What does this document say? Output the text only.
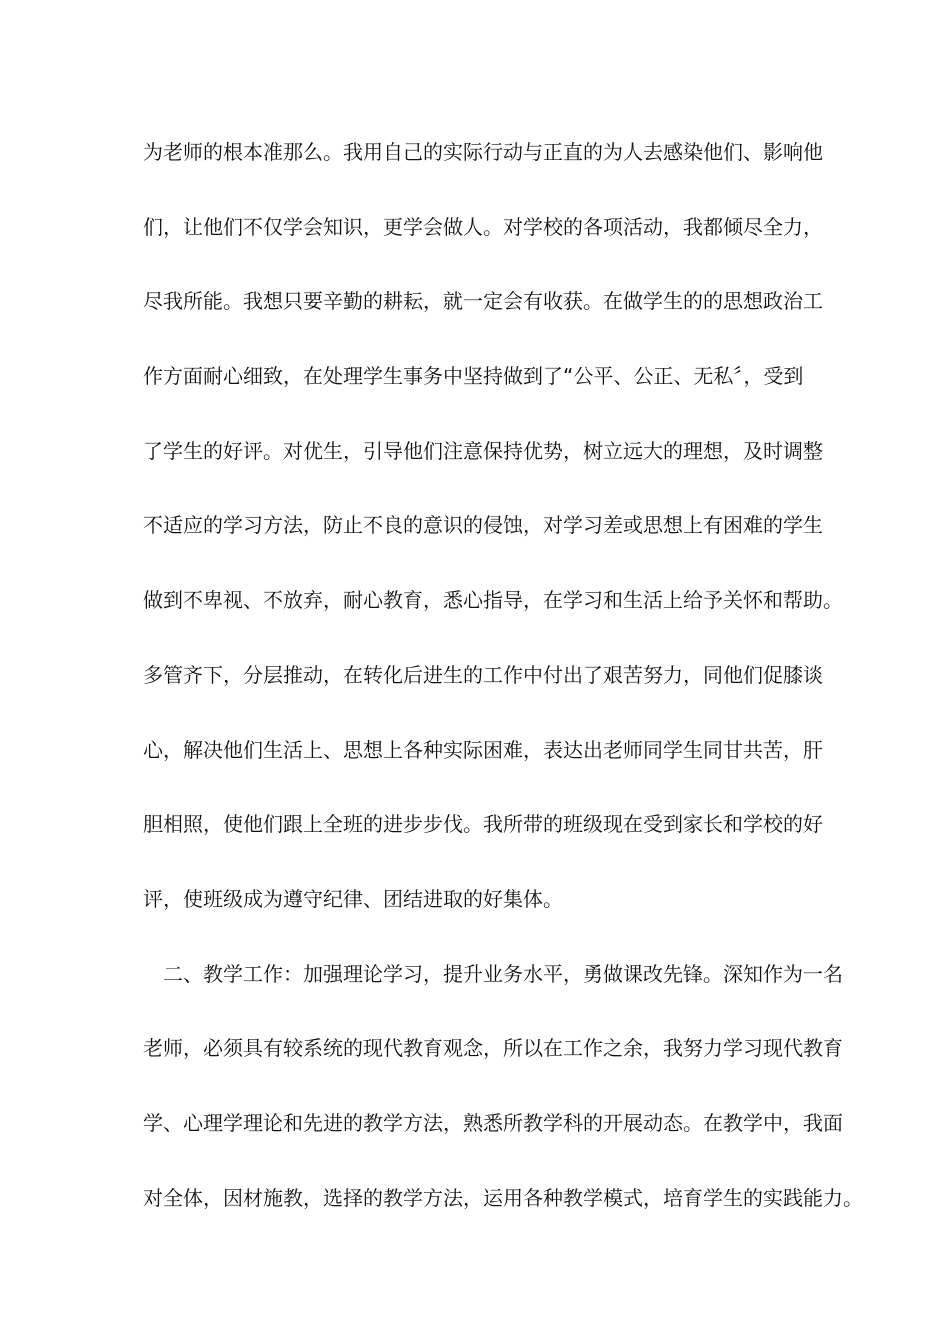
为老师的根本准那么。我用自己的实际行动与正直的为人去感染他们、影响他
们，让他们不仅学会知识，更学会做人。对学校的各项活动，我都倾尽全力，
尽我所能。我想只要辛勤的耕耘，就一定会有收获。在做学生的的思想政治工
作方面耐心细致，在处理学生事务中坚持做到了“公平、公正、无私〞，受到
了学生的好评。对优生，引导他们注意保持优势，树立远大的理想，及时调整
不适应的学习方法，防止不良的意识的侵蚀，对学习差或思想上有困难的学生
做到不卑视、不放弃，耐心教育，悉心指导，在学习和生活上给予关怀和帮助。
多管齐下，分层推动，在转化后进生的工作中付出了艰苦努力，同他们促膝谈
心，解决他们生活上、思想上各种实际困难，表达出老师同学生同甘共苦，肝
胆相照，使他们跟上全班的进步步伐。我所带的班级现在受到家长和学校的好
评，使班级成为遵守纪律、团结进取的好集体。
二、教学工作：加强理论学习，提升业务水平，勇做课改先锋。深知作为一名
老师，必须具有较系统的现代教育观念，所以在工作之余，我努力学习现代教育
学、心理学理论和先进的教学方法，熟悉所教学科的开展动态。在教学中，我面
对全体，因材施教，选择的教学方法，运用各种教学模式，培育学生的实践能力。
